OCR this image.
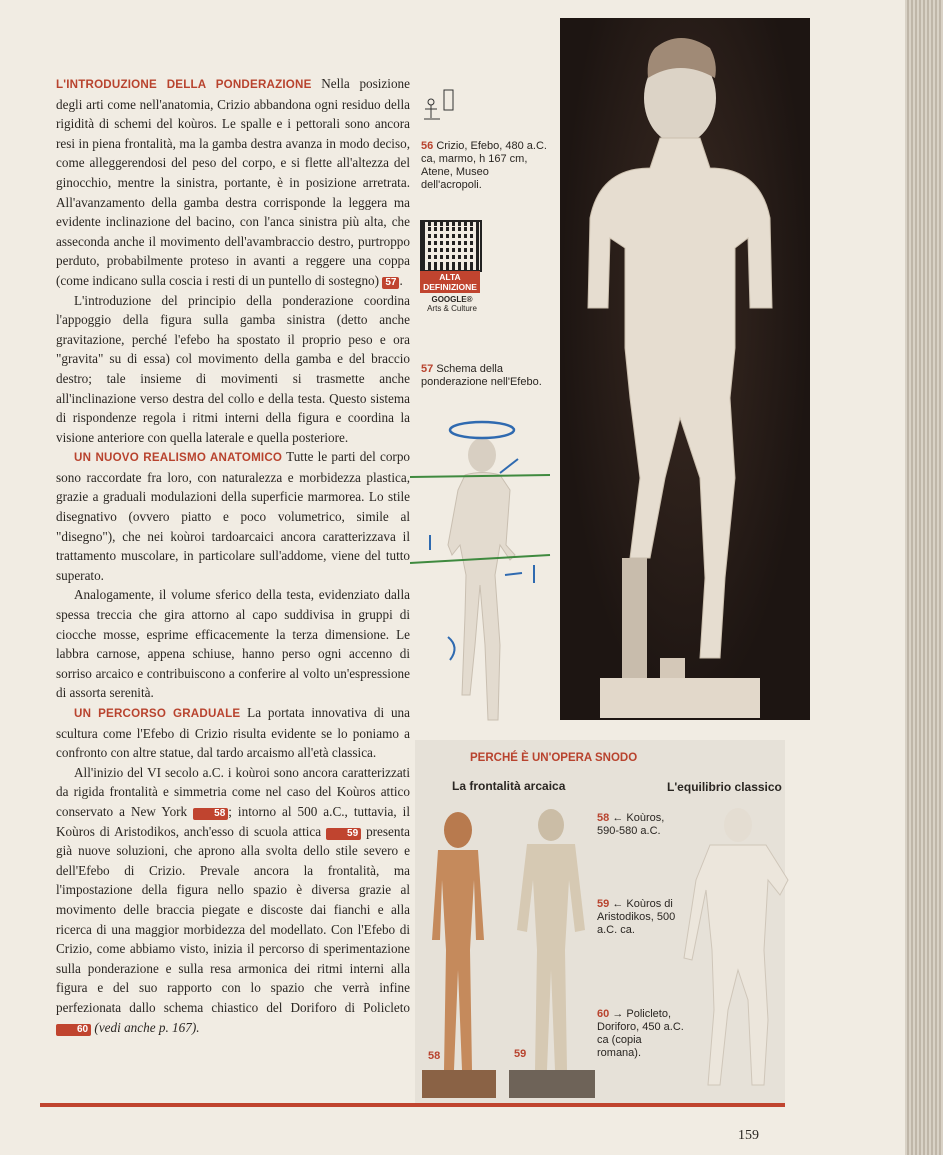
L'INTRODUZIONE DELLA PONDERAZIONE Nella posizione degli arti come nell'anatomia, Crizio abbandona ogni residuo della rigidità di schemi del koùros. Le spalle e i pettorali sono ancora resi in piena frontalità, ma la gamba destra avanza in modo deciso, come alleggerendosi del peso del corpo, e si flette all'altezza del ginocchio, mentre la sinistra, portante, è in posizione arretrata. All'avanzamento della gamba destra corrisponde la leggera ma evidente inclinazione del bacino, con l'anca sinistra più alta, che asseconda anche il movimento dell'avambraccio destro, purtroppo perduto, probabilmente proteso in avanti a reggere una coppa (come indicano sulla coscia i resti di un puntello di sostegno) 57 .

L'introduzione del principio della ponderazione coordina l'appoggio della figura sulla gamba sinistra (detto anche gravitazione, perché l'efebo ha spostato il proprio peso e ora "gravita" su di essa) col movimento della gamba e del braccio destro; tale insieme di movimenti si trasmette anche all'inclinazione verso destra del collo e della testa. Questo sistema di rispondenze regola i ritmi interni della figura e coordina la visione anteriore con quella laterale e quella posteriore.

UN NUOVO REALISMO ANATOMICO Tutte le parti del corpo sono raccordate fra loro, con naturalezza e morbidezza plastica, grazie a graduali modulazioni della superficie marmorea. Lo stile disegnativo (ovvero piatto e poco volumetrico, simile al "disegno"), che nei koùroi tardoarcaici ancora caratterizzava il trattamento muscolare, in particolare sull'addome, viene del tutto superato.

Analogamente, il volume sferico della testa, evidenziato dalla spessa treccia che gira attorno al capo suddivisa in gruppi di ciocche mosse, esprime efficacemente la terza dimensione. Le labbra carnose, appena schiuse, hanno perso ogni accenno di sorriso arcaico e contribuiscono a conferire al volto un'espressione di assorta serenità.

UN PERCORSO GRADUALE La portata innovativa di una scultura come l'Efebo di Crizio risulta evidente se lo poniamo a confronto con altre statue, dal tardo arcaismo all'età classica.

All'inizio del VI secolo a.C. i koùroi sono ancora caratterizzati da rigida frontalità e simmetria come nel caso del Koùros attico conservato a New York	58 ; intorno al 500 a.C., tuttavia, il Koùros di Aristodikos, anch'esso di scuola attica	59 presenta già nuove soluzioni, che aprono alla svolta dello stile severo e dell'Efebo di Crizio. Prevale ancora la frontalità, ma l'impostazione della figura nello spazio è diversa grazie al movimento delle braccia piegate e discoste dai fianchi e alla ricerca di una maggior morbidezza del modellato. Con l'Efebo di Crizio, come abbiamo visto, inizia il percorso di sperimentazione sulla ponderazione e sulla resa armonica dei ritmi interni alla figura e del suo rapporto con lo spazio che verrà infine perfezionata dallo schema chiastico del Doriforo di Policleto 60 (vedi anche p. 167).

56 Crizio, Efebo, 480 a.C. ca, marmo, h 167 cm, Atene, Museo dell'acropoli.
ALTA
DEFINIZIONE
GOOGLE®
Arts & Culture
57 Schema della ponderazione nell'Efebo.
PERCHÉ È UN'OPERA SNODO
La frontalità arcaica	L'equilibrio classico
58 ← Koùros, 590-580 a.C.
59 ← Koùros di Aristodikos, 500 a.C. ca.
60 → Policleto, Doriforo, 450 a.C. ca (copia romana).
58	59
159
